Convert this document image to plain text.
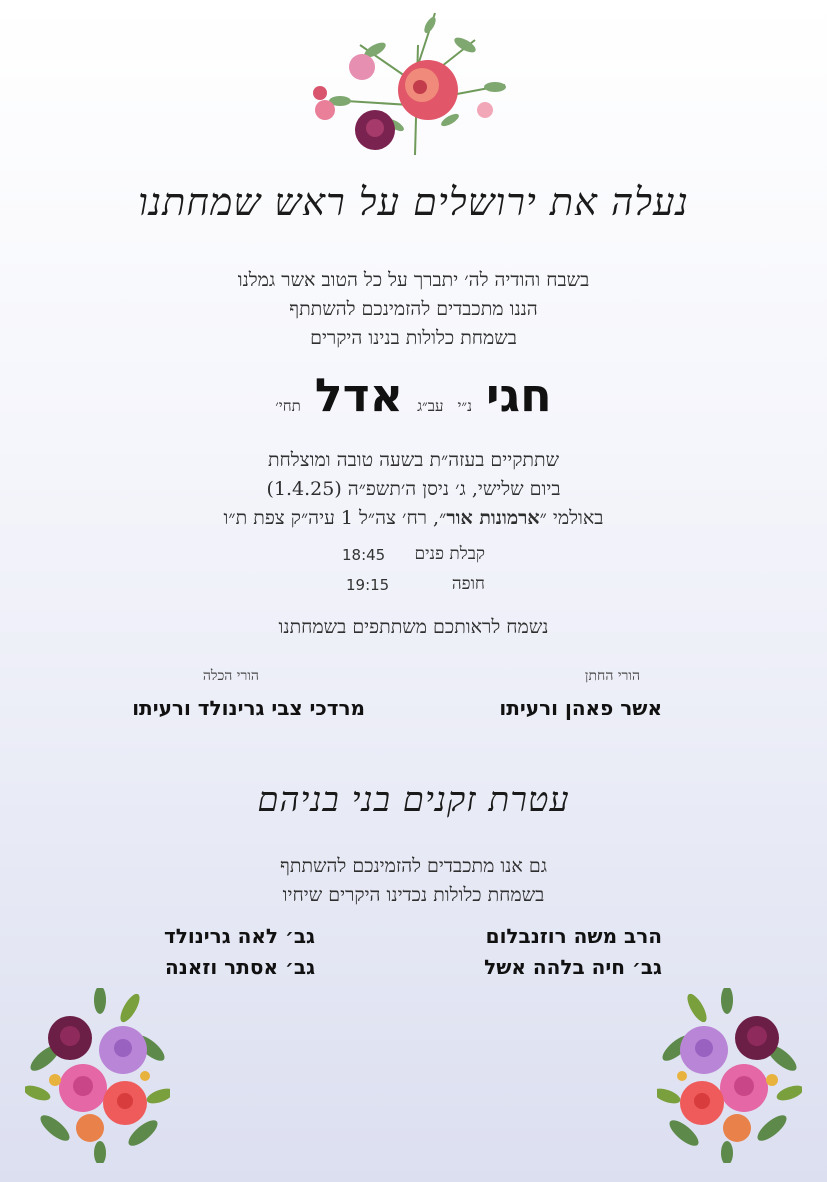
נעלה את ירושלים על ראש שמחתנו
בשבח והודיה לה׳ יתברך על כל הטוב אשר גמלנו
הננו מתכבדים להזמינכם להשתתף
בשמחת כלולות בנינו היקרים
חגי
נ״י
עב״ג
אדל
תחי׳
שתתקיים בעזה״ת בשעה טובה ומוצלחת
ביום שלישי, ג׳ ניסן ה׳תשפ״ה (1.4.25)
באולמי ״ארמונות אור״, רח׳ צה״ל 1 עיה״ק צפת ת״ו
קבלת פנים
18:45
חופה
19:15
נשמח לראותכם משתתפים בשמחתנו
הורי החתן
אשר פאהן ורעיתו
הורי הכלה
מרדכי צבי גרינולד ורעיתו
עטרת זקנים בני בניהם
גם אנו מתכבדים להזמינכם להשתתף
בשמחת כלולות נכדינו היקרים שיחיו
הרב משה רוזנבלום
גב׳ חיה בלהה אשל
גב׳ לאה גרינולד
גב׳ אסתר וזאנה
